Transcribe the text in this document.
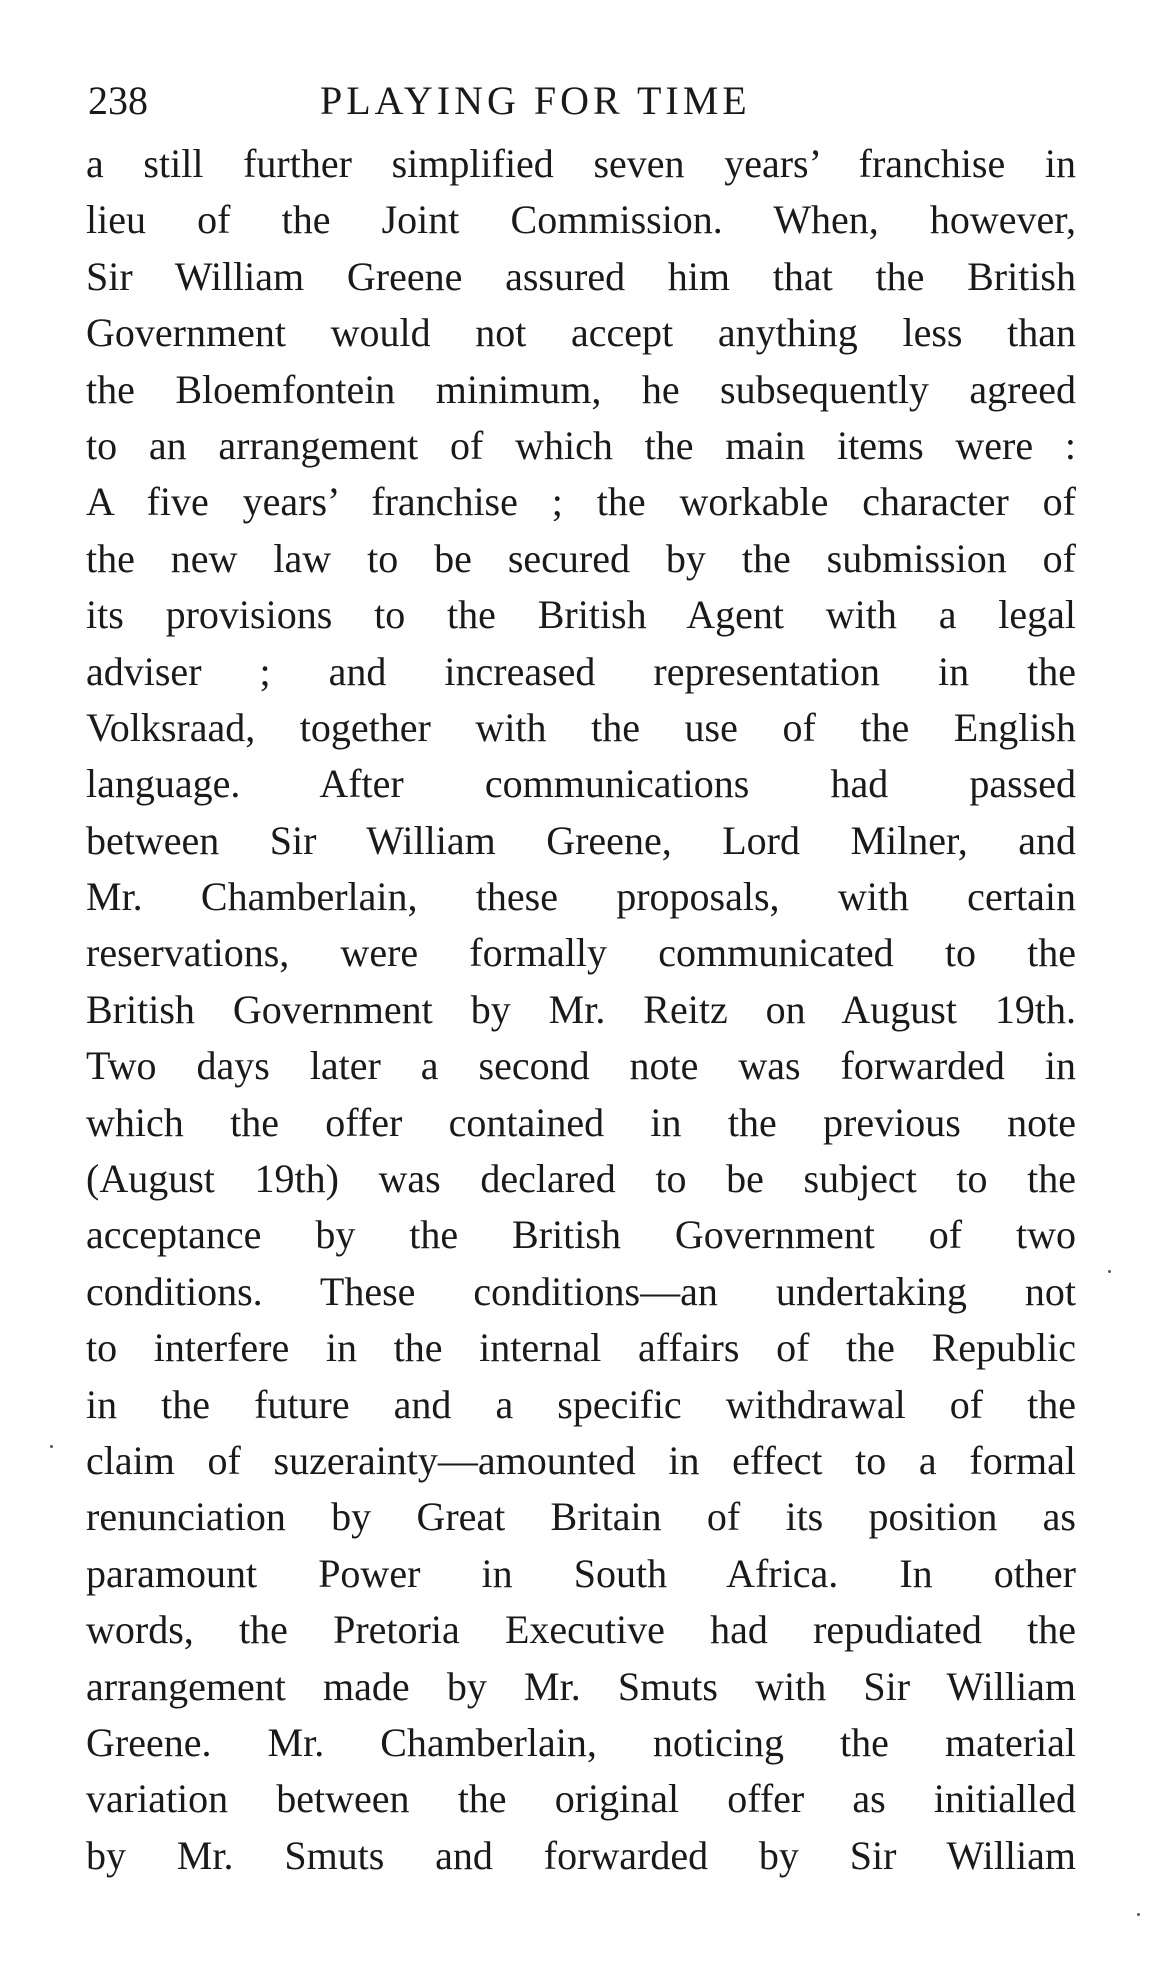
238	PLAYING FOR TIME
a still further simplified seven years’ franchise in
lieu of the Joint Commission. When, however,
Sir William Greene assured him that the British
Government would not accept anything less than
the Bloemfontein minimum, he subsequently agreed
to an arrangement of which the main items were :
A five years’ franchise ; the workable character of
the new law to be secured by the submission of
its provisions to the British Agent with a legal
adviser ; and increased representation in the
Volksraad, together with the use of the English
language. After communications had passed
between Sir William Greene, Lord Milner, and
Mr. Chamberlain, these proposals, with certain
reservations, were formally communicated to the
British Government by Mr. Reitz on August 19th.
Two days later a second note was forwarded in
which the offer contained in the previous note
(August 19th) was declared to be subject to the
acceptance by the British Government of two
conditions. These conditions—an undertaking not
to interfere in the internal affairs of the Republic
in the future and a specific withdrawal of the
claim of suzerainty—amounted in effect to a formal
renunciation by Great Britain of its position as
paramount Power in South Africa. In other
words, the Pretoria Executive had repudiated the
arrangement made by Mr. Smuts with Sir William
Greene. Mr. Chamberlain, noticing the material
variation between the original offer as initialled
by Mr. Smuts and forwarded by Sir William
